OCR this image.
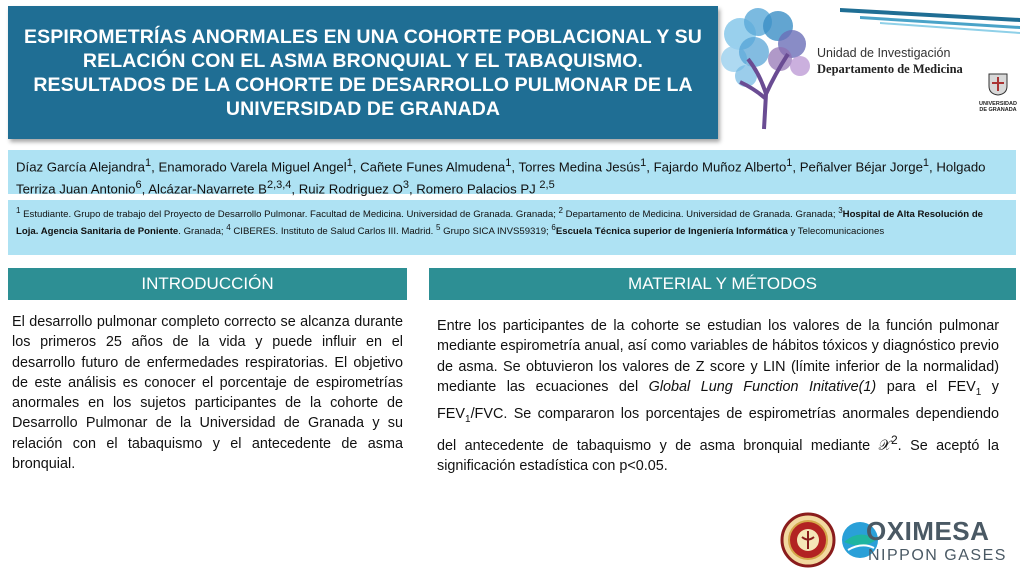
ESPIROMETRÍAS ANORMALES EN UNA COHORTE POBLACIONAL Y SU RELACIÓN CON EL ASMA BRONQUIAL Y EL TABAQUISMO. RESULTADOS DE LA COHORTE DE DESARROLLO PULMONAR DE LA UNIVERSIDAD DE GRANADA
Unidad de Investigación
Departamento de Medicina
UNIVERSIDAD DE GRANADA
Díaz García Alejandra$^1$, Enamorado Varela Miguel Angel$^1$, Cañete Funes Almudena$^1$, Torres Medina Jesús$^1$, Fajardo Muñoz Alberto$^1$, Peñalver Béjar Jorge$^1$, Holgado Terriza Juan Antonio$^6$, Alcázar-Navarrete B$^{2,3,4}$, Ruiz Rodriguez $O^3$, Romero Palacios PJ $^{2,5}$
$^1$ Estudiante. Grupo de trabajo del Proyecto de Desarrollo Pulmonar. Facultad de Medicina. Universidad de Granada. Granada; $^2$ Departamento de Medicina. Universidad de Granada. Granada; $^3$Hospital de Alta Resolución de Loja. Agencia Sanitaria de Poniente. Granada; $^4$ CIBERES. Instituto de Salud Carlos III. Madrid. $^5$ Grupo SICA INVS59319; $^6$Escuela Técnica superior de Ingeniería Informática y Telecomunicaciones
INTRODUCCIÓN	MATERIAL Y MÉTODOS
El desarrollo pulmonar completo correcto se alcanza durante los primeros 25 años de la vida y puede influir en el desarrollo futuro de enfermedades respiratorias. El objetivo de este análisis es conocer el porcentaje de espirometrías anormales en los sujetos participantes de la cohorte de Desarrollo Pulmonar de la Universidad de Granada y su relación con el tabaquismo y el antecedente de asma bronquial.
Entre los participantes de la cohorte se estudian los valores de la función pulmonar mediante espirometría anual, así como variables de hábitos tóxicos y diagnóstico previo de asma. Se obtuvieron los valores de Z score y LIN (límite inferior de la normalidad) mediante las ecuaciones del Global Lung Function Initative(1) para el $FEV_1$ y $FEV_1$/FVC. Se compararon los porcentajes de espirometrías anormales dependiendo del antecedente de tabaquismo y de asma bronquial mediante 𝒳$^2$. Se aceptó la significación estadística con p<0.05.
OXIMESA
NIPPON GASES
